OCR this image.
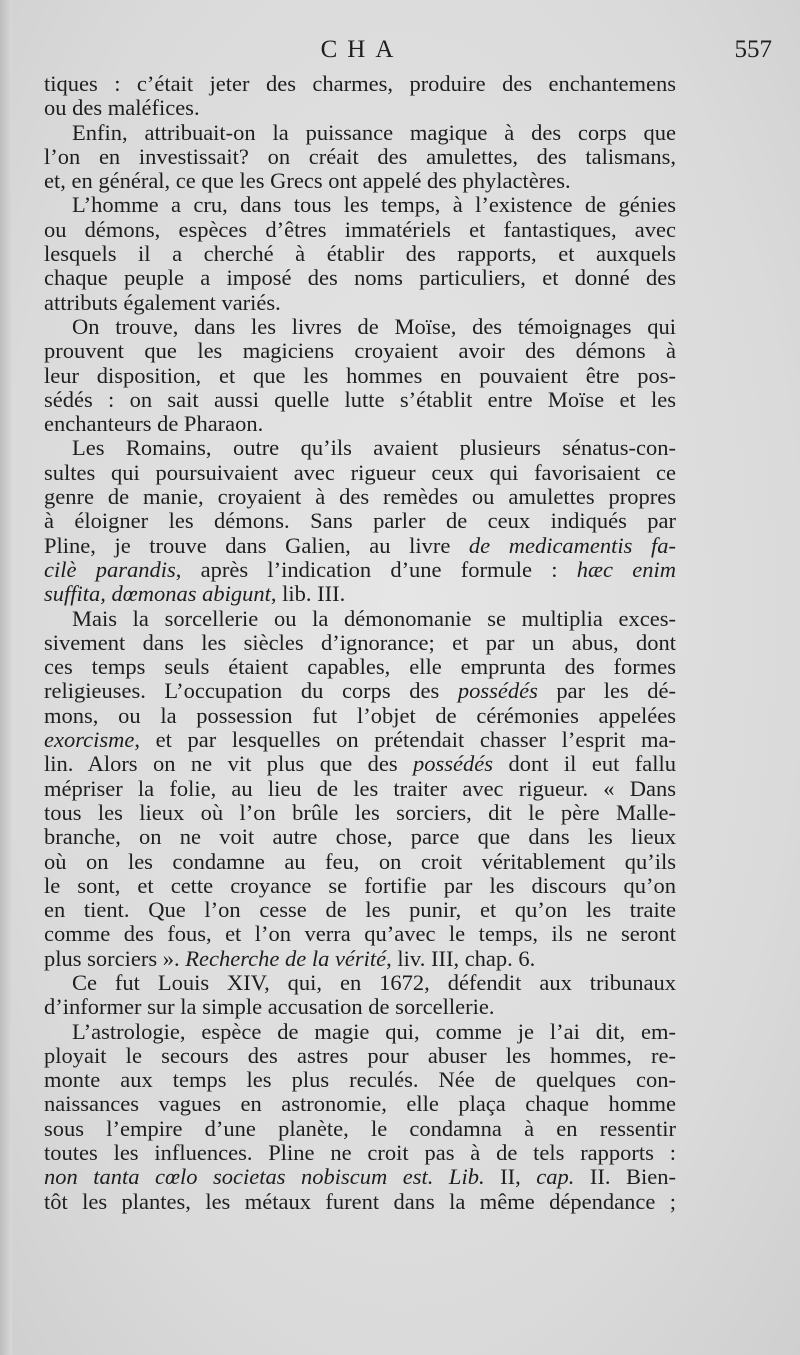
CHA	557
tiques : c’était jeter des charmes, produire des enchantemens
ou des maléfices.
Enfin, attribuait-on la puissance magique à des corps que
l’on en investissait? on créait des amulettes, des talismans,
et, en général, ce que les Grecs ont appelé des phylactères.
L’homme a cru, dans tous les temps, à l’existence de génies
ou démons, espèces d’êtres immatériels et fantastiques, avec
lesquels il a cherché à établir des rapports, et auxquels
chaque peuple a imposé des noms particuliers, et donné des
attributs également variés.
On trouve, dans les livres de Moïse, des témoignages qui
prouvent que les magiciens croyaient avoir des démons à
leur disposition, et que les hommes en pouvaient être pos-
sédés : on sait aussi quelle lutte s’établit entre Moïse et les
enchanteurs de Pharaon.
Les Romains, outre qu’ils avaient plusieurs sénatus-con-
sultes qui poursuivaient avec rigueur ceux qui favorisaient ce
genre de manie, croyaient à des remèdes ou amulettes propres
à éloigner les démons. Sans parler de ceux indiqués par
Pline, je trouve dans Galien, au livre de medicamentis fa-
cilè parandis, après l’indication d’une formule : hæc enim
suffita, dœmonas abigunt, lib. III.
Mais la sorcellerie ou la démonomanie se multiplia exces-
sivement dans les siècles d’ignorance; et par un abus, dont
ces temps seuls étaient capables, elle emprunta des formes
religieuses. L’occupation du corps des possédés par les dé-
mons, ou la possession fut l’objet de cérémonies appelées
exorcisme, et par lesquelles on prétendait chasser l’esprit ma-
lin. Alors on ne vit plus que des possédés dont il eut fallu
mépriser la folie, au lieu de les traiter avec rigueur. « Dans
tous les lieux où l’on brûle les sorciers, dit le père Malle-
branche, on ne voit autre chose, parce que dans les lieux
où on les condamne au feu, on croit véritablement qu’ils
le sont, et cette croyance se fortifie par les discours qu’on
en tient. Que l’on cesse de les punir, et qu’on les traite
comme des fous, et l’on verra qu’avec le temps, ils ne seront
plus sorciers ». Recherche de la vérité, liv. III, chap. 6.
Ce fut Louis XIV, qui, en 1672, défendit aux tribunaux
d’informer sur la simple accusation de sorcellerie.
L’astrologie, espèce de magie qui, comme je l’ai dit, em-
ployait le secours des astres pour abuser les hommes, re-
monte aux temps les plus reculés. Née de quelques con-
naissances vagues en astronomie, elle plaça chaque homme
sous l’empire d’une planète, le condamna à en ressentir
toutes les influences. Pline ne croit pas à de tels rapports :
non tanta cœlo societas nobiscum est. Lib. II, cap. II. Bien-
tôt les plantes, les métaux furent dans la même dépendance ;
